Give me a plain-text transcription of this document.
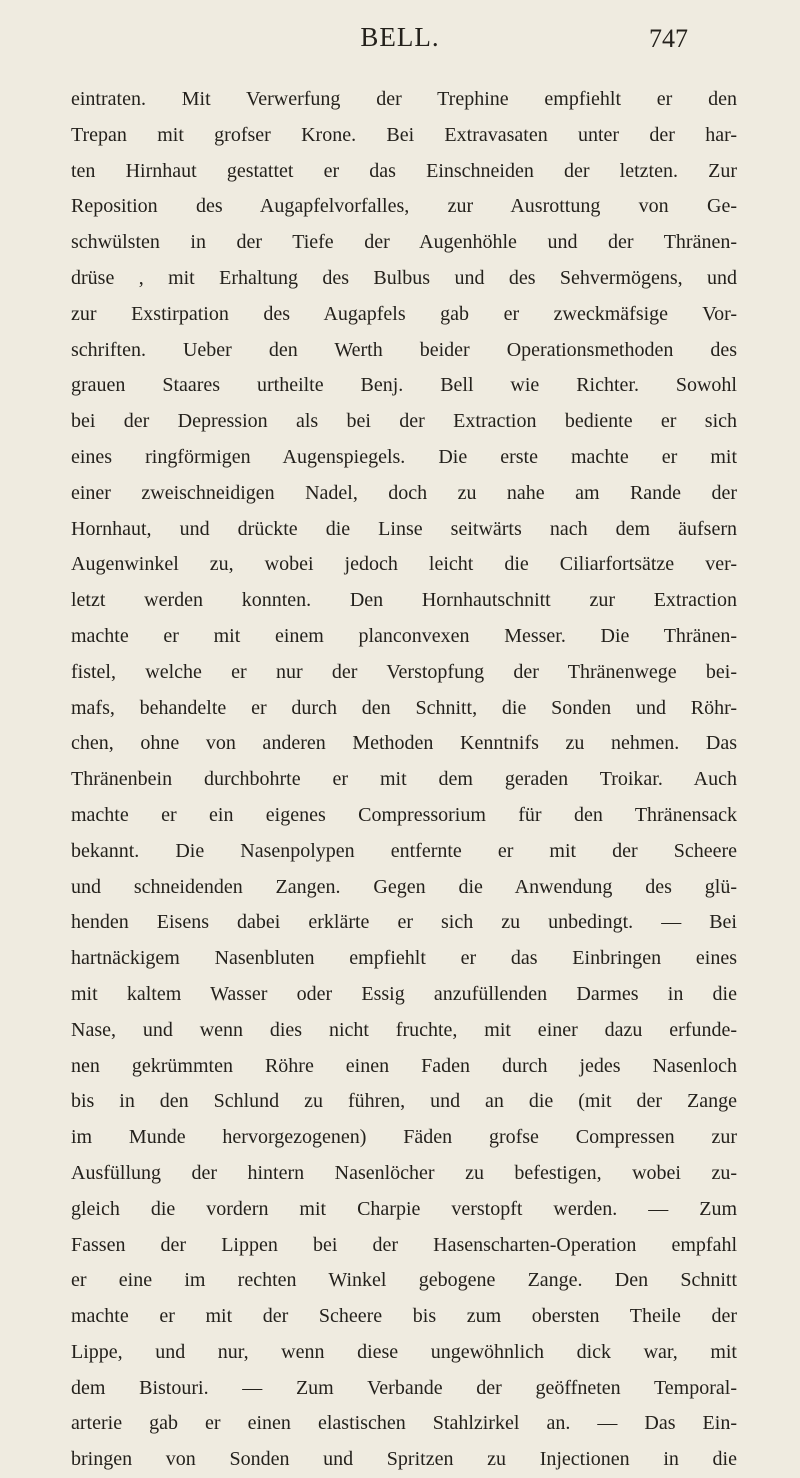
BELL.	747
eintraten. Mit Verwerfung der Trephine empfiehlt er den
Trepan mit grofser Krone. Bei Extravasaten unter der har-
ten Hirnhaut gestattet er das Einschneiden der letzten. Zur
Reposition des Augapfelvorfalles, zur Ausrottung von Ge-
schwülsten in der Tiefe der Augenhöhle und der Thränen-
drüse , mit Erhaltung des Bulbus und des Sehvermögens, und
zur Exstirpation des Augapfels gab er zweckmäfsige Vor-
schriften. Ueber den Werth beider Operationsmethoden des
grauen Staares urtheilte Benj. Bell wie Richter. Sowohl
bei der Depression als bei der Extraction bediente er sich
eines ringförmigen Augenspiegels. Die erste machte er mit
einer zweischneidigen Nadel, doch zu nahe am Rande der
Hornhaut, und drückte die Linse seitwärts nach dem äufsern
Augenwinkel zu, wobei jedoch leicht die Ciliarfortsätze ver-
letzt werden konnten. Den Hornhautschnitt zur Extraction
machte er mit einem planconvexen Messer. Die Thränen-
fistel, welche er nur der Verstopfung der Thränenwege bei-
mafs, behandelte er durch den Schnitt, die Sonden und Röhr-
chen, ohne von anderen Methoden Kenntnifs zu nehmen. Das
Thränenbein durchbohrte er mit dem geraden Troikar. Auch
machte er ein eigenes Compressorium für den Thränensack
bekannt. Die Nasenpolypen entfernte er mit der Scheere
und schneidenden Zangen. Gegen die Anwendung des glü-
henden Eisens dabei erklärte er sich zu unbedingt. — Bei
hartnäckigem Nasenbluten empfiehlt er das Einbringen eines
mit kaltem Wasser oder Essig anzufüllenden Darmes in die
Nase, und wenn dies nicht fruchte, mit einer dazu erfunde-
nen gekrümmten Röhre einen Faden durch jedes Nasenloch
bis in den Schlund zu führen, und an die (mit der Zange
im Munde hervorgezogenen) Fäden grofse Compressen zur
Ausfüllung der hintern Nasenlöcher zu befestigen, wobei zu-
gleich die vordern mit Charpie verstopft werden. — Zum
Fassen der Lippen bei der Hasenscharten-Operation empfahl
er eine im rechten Winkel gebogene Zange. Den Schnitt
machte er mit der Scheere bis zum obersten Theile der
Lippe, und nur, wenn diese ungewöhnlich dick war, mit
dem Bistouri. — Zum Verbande der geöffneten Temporal-
arterie gab er einen elastischen Stahlzirkel an. — Das Ein-
bringen von Sonden und Spritzen zu Injectionen in die
